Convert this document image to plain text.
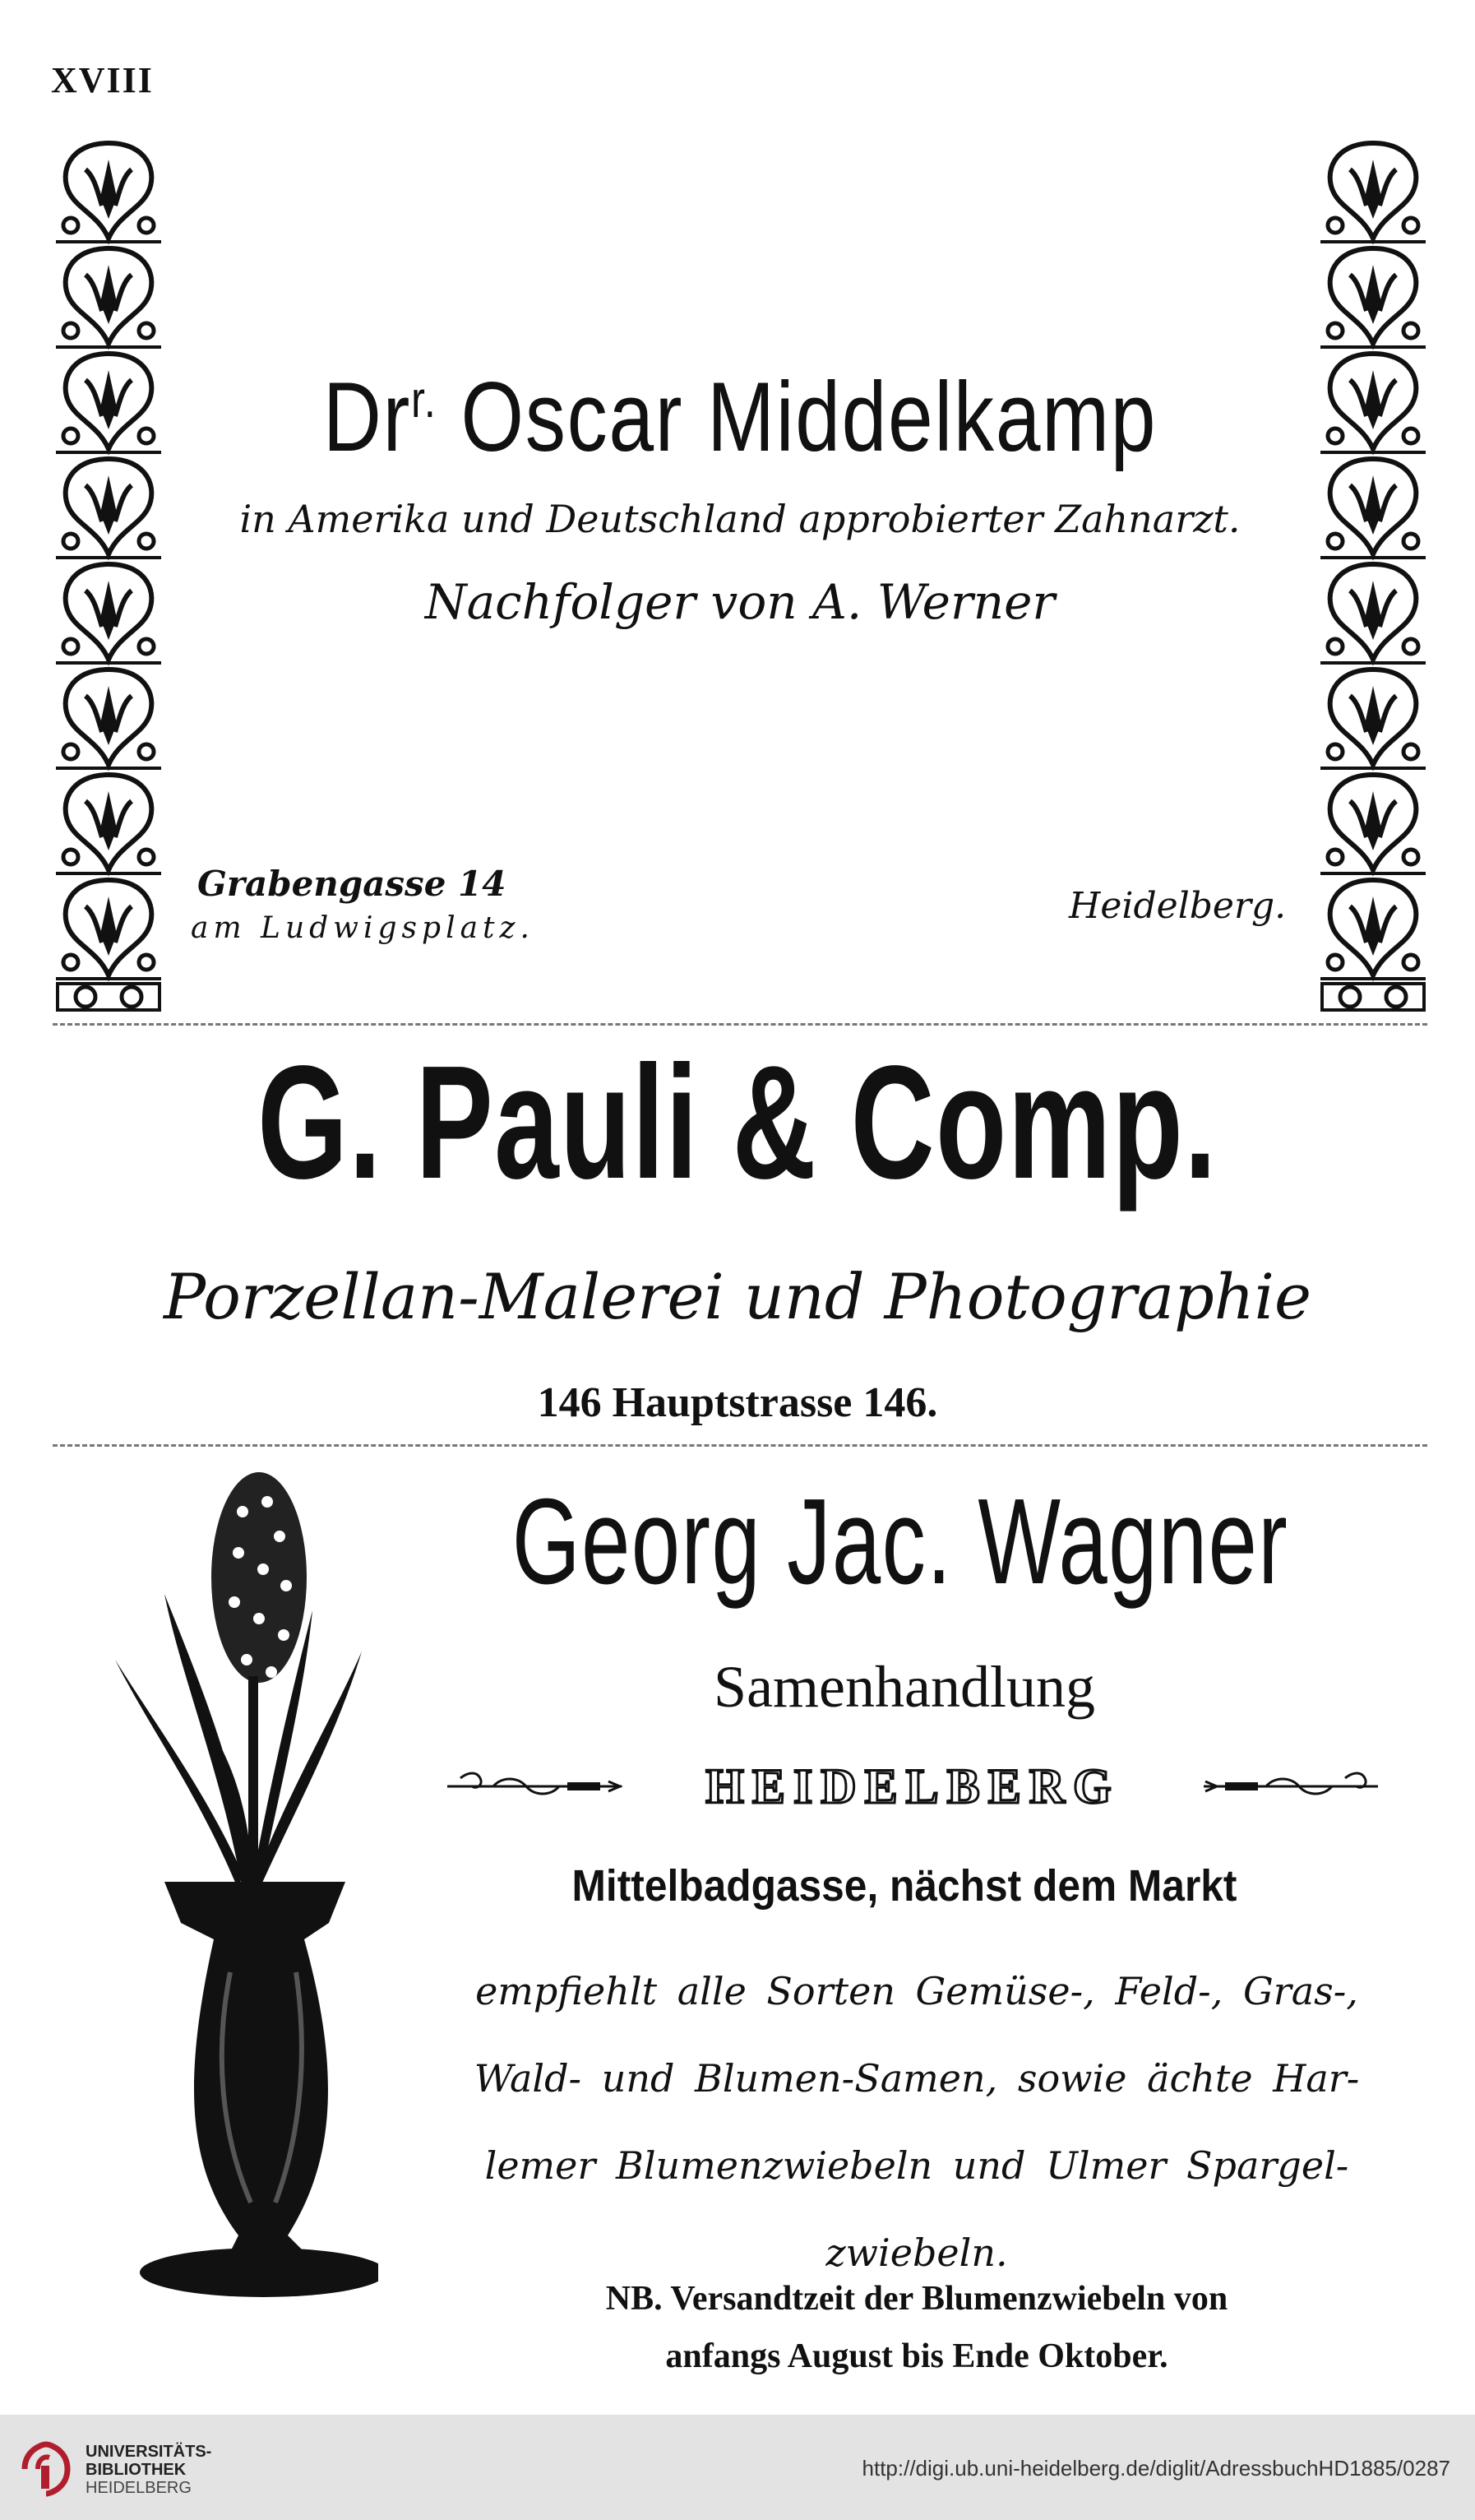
XVIII
$Dr^{r.}$ Oscar Middelkamp
in Amerika und Deutschland approbierter Zahnarzt.
Nachfolger von A. Werner
Grabengasse 14
am Ludwigsplatz.
Heidelberg.
G. Pauli & Comp.
Porzellan-Malerei und Photographie
146 Hauptstrasse 146.
Georg Jac. Wagner
Samenhandlung
HEIDELBERG
Mittelbadgasse, nächst dem Markt
empfiehlt alle Sorten Gemüse-, Feld-, Gras-,
Wald- und Blumen-Samen, sowie ächte Har-
lemer Blumenzwiebeln und Ulmer Spargel-
zwiebeln.
NB. Versandtzeit der Blumenzwiebeln von
anfangs August bis Ende Oktober.
UNIVERSITÄTS-
BIBLIOTHEK
HEIDELBERG
http://digi.ub.uni-heidelberg.de/diglit/AdressbuchHD1885/0287
